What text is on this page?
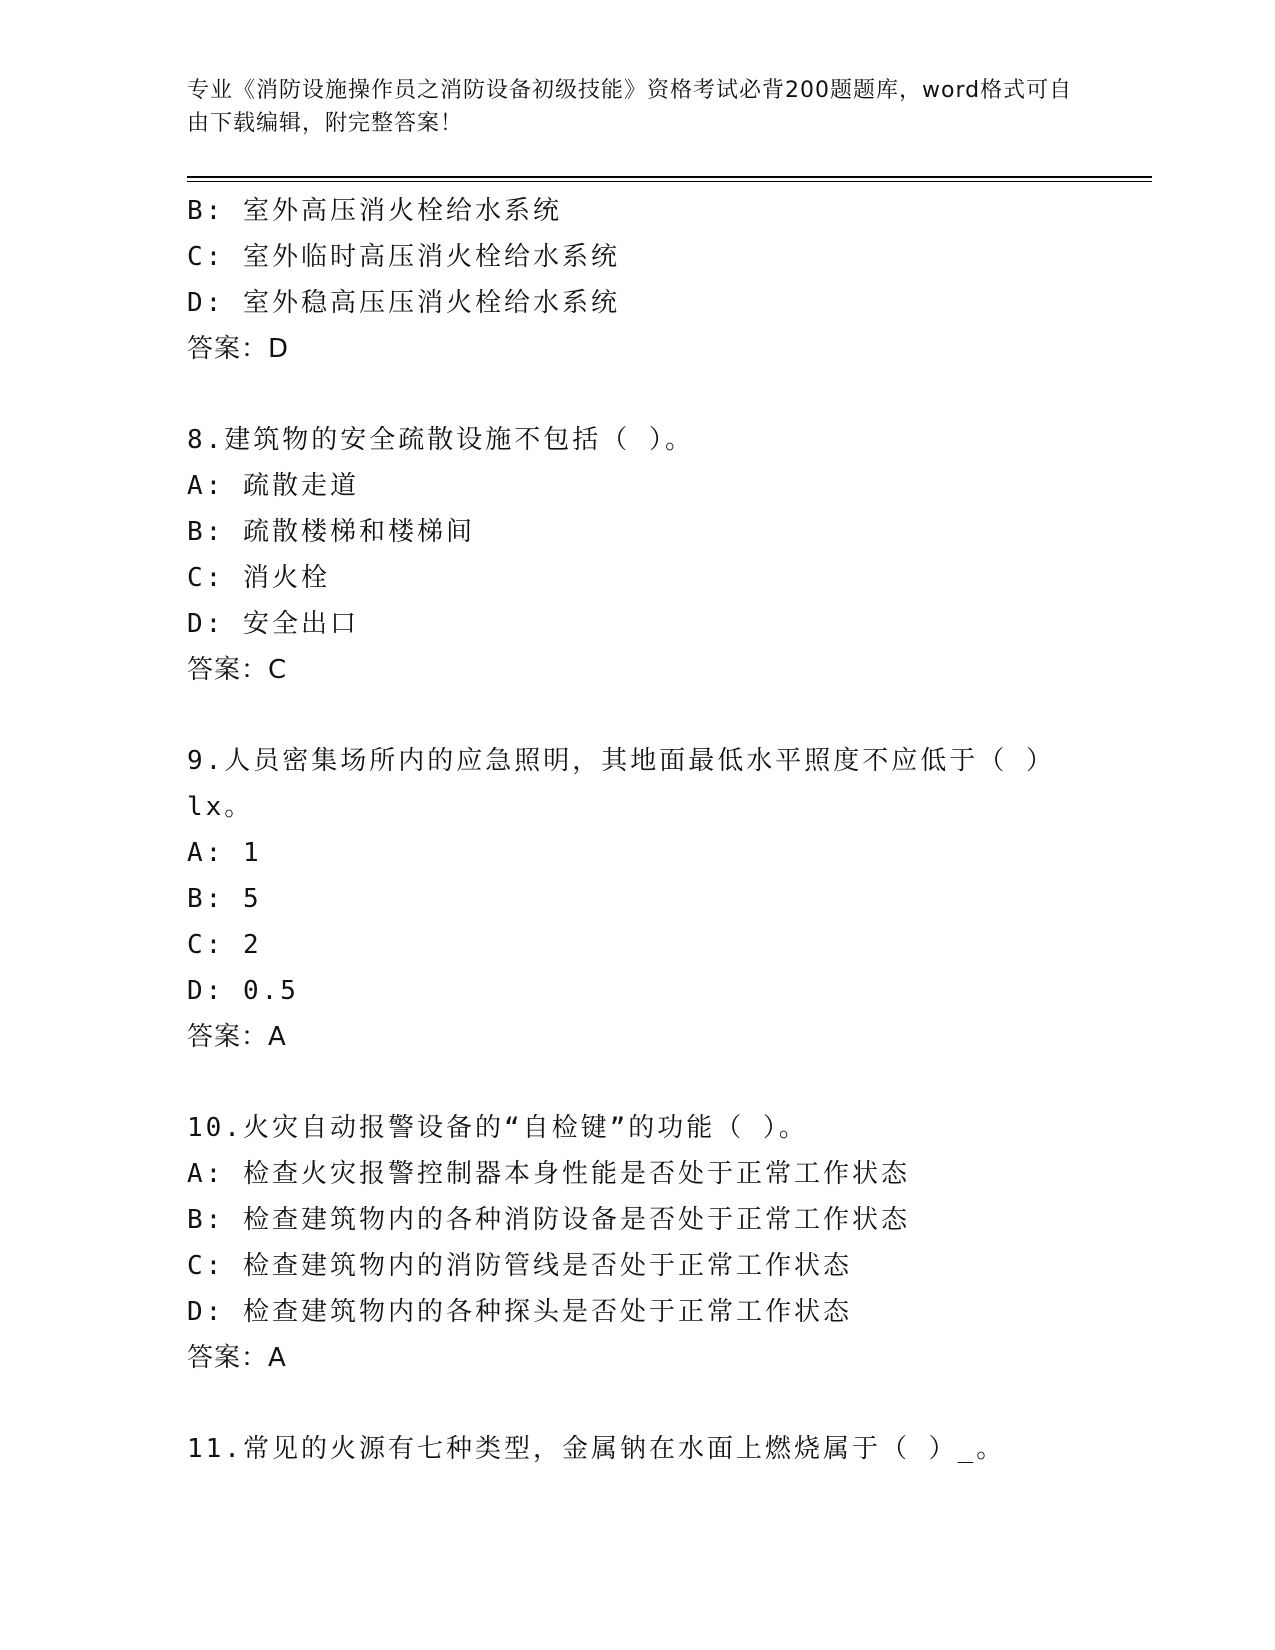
专业《消防设施操作员之消防设备初级技能》资格考试必背200题题库，word格式可自由下载编辑，附完整答案！
B: 室外高压消火栓给水系统
C: 室外临时高压消火栓给水系统
D: 室外稳高压压消火栓给水系统
答案：D
8.建筑物的安全疏散设施不包括（ ）。
A: 疏散走道
B: 疏散楼梯和楼梯间
C: 消火栓
D: 安全出口
答案：C
9.人员密集场所内的应急照明，其地面最低水平照度不应低于（ ）lx。
A: 1
B: 5
C: 2
D: 0.5
答案：A
10.火灾自动报警设备的“自检键”的功能（ ）。
A: 检查火灾报警控制器本身性能是否处于正常工作状态
B: 检查建筑物内的各种消防设备是否处于正常工作状态
C: 检查建筑物内的消防管线是否处于正常工作状态
D: 检查建筑物内的各种探头是否处于正常工作状态
答案：A
11.常见的火源有七种类型，金属钠在水面上燃烧属于（ ）_。
